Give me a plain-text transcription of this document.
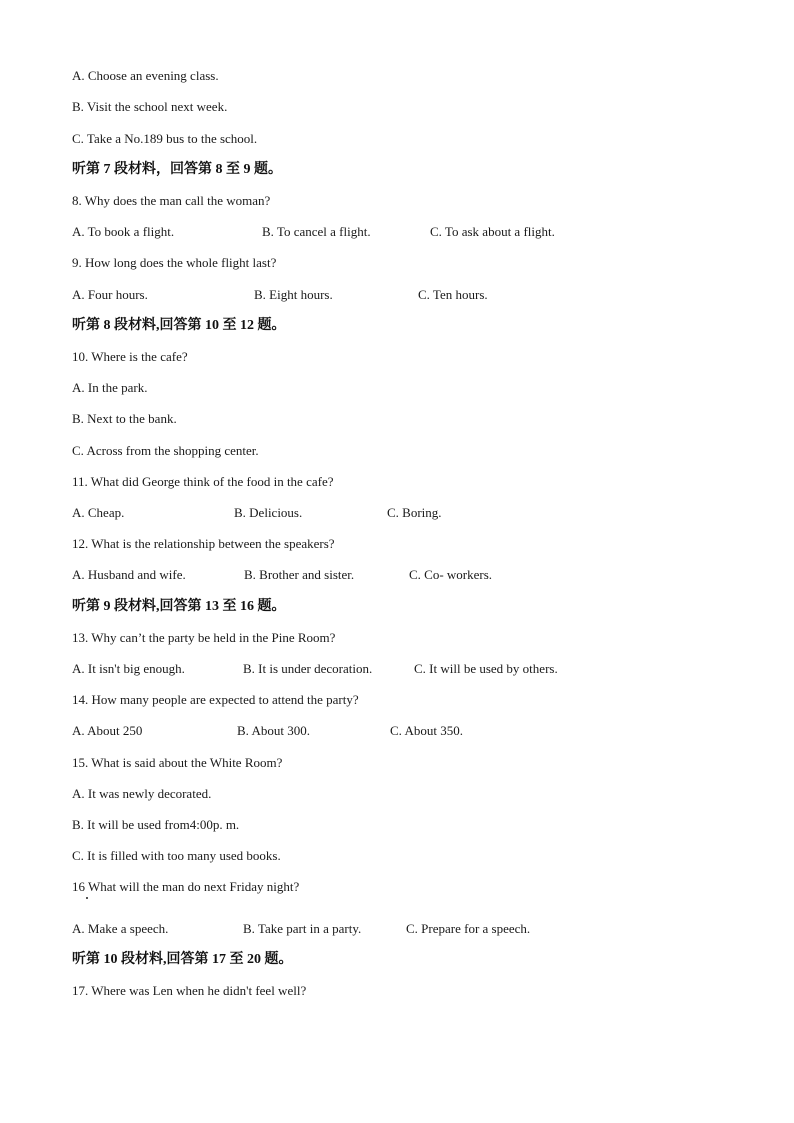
A. Choose an evening class.
B. Visit the school next week.
C. Take a No.189 bus to the school.
听第 7 段材料，回答第 8 至 9 题。
8. Why does the man call the woman?
A. To book a flight.	B. To cancel a flight.	C. To ask about a flight.
9. How long does the whole flight last?
A. Four hours.	B. Eight hours.	C. Ten hours.
听第 8 段材料,回答第 10 至 12 题。
10. Where is the cafe?
A. In the park.
B. Next to the bank.
C. Across from the shopping center.
11. What did George think of the food in the cafe?
A. Cheap.	B. Delicious.	C. Boring.
12. What is the relationship between the speakers?
A. Husband and wife.	B. Brother and sister.	C. Co- workers.
听第 9 段材料,回答第 13 至 16 题。
13. Why can’t the party be held in the Pine Room?
A. It isn't big enough.	B. It is under decoration.	C. It will be used by others.
14. How many people are expected to attend the party?
A. About 250	B. About 300.	C. About 350.
15. What is said about the White Room?
A. It was newly decorated.
B. It will be used from4:00p. m.
C. It is filled with too many used books.
16 What will the man do next Friday night?
A. Make a speech.	B. Take part in a party.	C. Prepare for a speech.
听第 10 段材料,回答第 17 至 20 题。
17. Where was Len when he didn't feel well?
